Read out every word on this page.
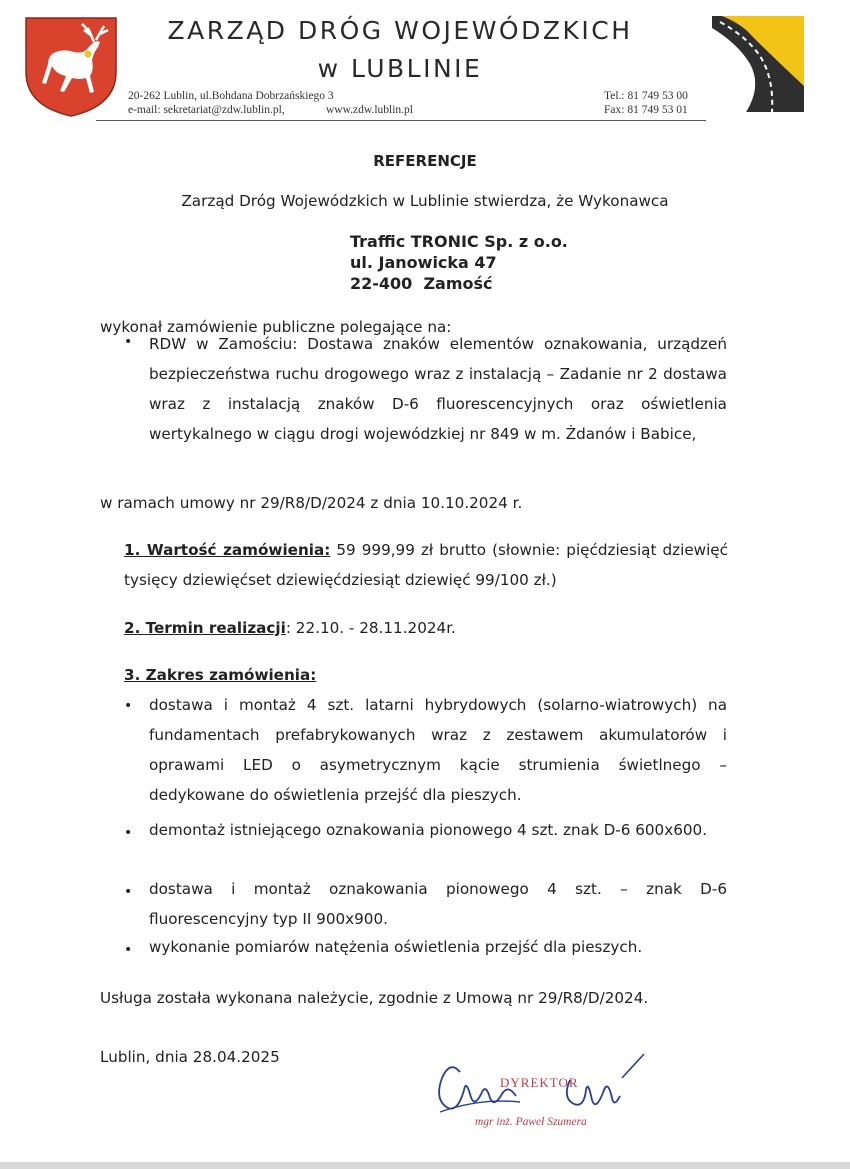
ZARZĄD DRÓG WOJEWÓDZKICH
w LUBLINIE
20-262 Lublin, ul.Bohdana Dobrzańskiego 3
e-mail: sekretariat@zdw.lublin.pl,	www.zdw.lublin.pl
Tel.: 81 749 53 00
Fax: 81 749 53 01
REFERENCJE
Zarząd Dróg Wojewódzkich w Lublinie stwierdza, że Wykonawca
Traffic TRONIC Sp. z o.o.
ul. Janowicka 47
22-400  Zamość
wykonał zamówienie publiczne polegające na:
• RDW w Zamościu: Dostawa znaków elementów oznakowania, urządzeń bezpieczeństwa ruchu drogowego wraz z instalacją – Zadanie nr 2 dostawa wraz z instalacją znaków D-6 fluorescencyjnych oraz oświetlenia wertykalnego w ciągu drogi wojewódzkiej nr 849 w m. Żdanów i Babice,
w ramach umowy nr 29/R8/D/2024 z dnia 10.10.2024 r.
1. Wartość zamówienia: 59 999,99 zł brutto (słownie: pięćdziesiąt dziewięć tysięcy dziewięćset dziewięćdziesiąt dziewięć 99/100 zł.)
2. Termin realizacji: 22.10. - 28.11.2024r.
3. Zakres zamówienia:
• dostawa i montaż 4 szt. latarni hybrydowych (solarno-wiatrowych) na fundamentach prefabrykowanych wraz z zestawem akumulatorów i oprawami LED o asymetrycznym kącie strumienia świetlnego – dedykowane do oświetlenia przejść dla pieszych.
• demontaż istniejącego oznakowania pionowego 4 szt. znak D-6 600x600.
• dostawa i montaż oznakowania pionowego 4 szt. – znak D-6 fluorescencyjny typ II 900x900.
• wykonanie pomiarów natężenia oświetlenia przejść dla pieszych.
Usługa została wykonana należycie, zgodnie z Umową nr 29/R8/D/2024.
Lublin, dnia 28.04.2025
DYREKTOR
mgr inż. Paweł Szumera
